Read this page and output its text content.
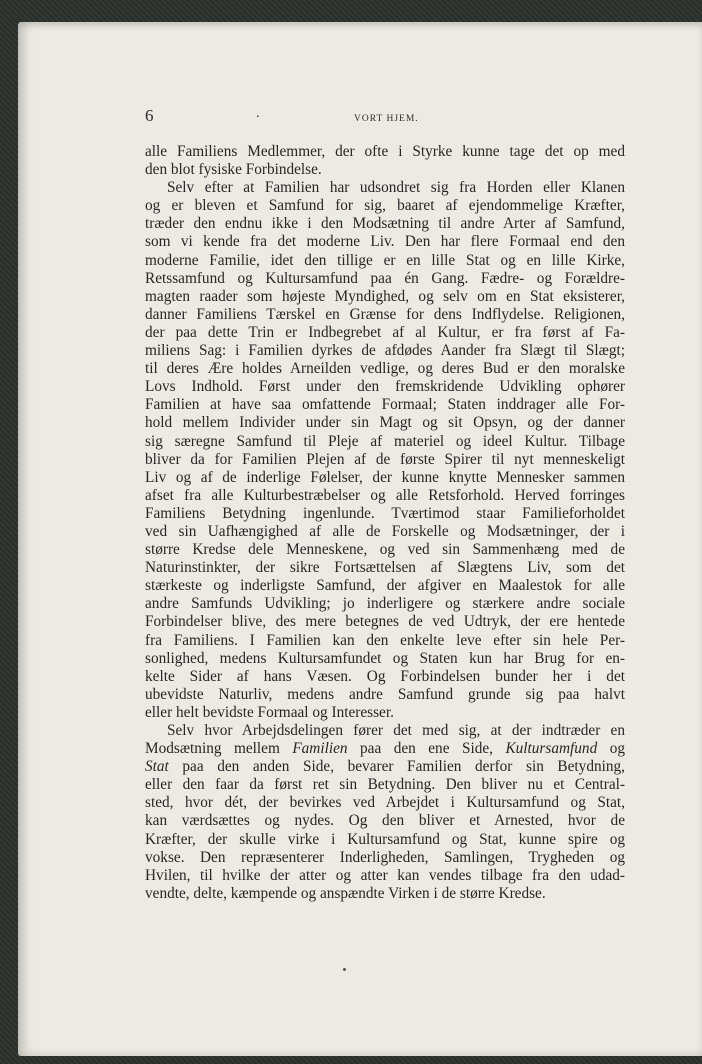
6	.	VORT HJEM.
alle Familiens Medlemmer, der ofte i Styrke kunne tage det op med
den blot fysiske Forbindelse.
Selv efter at Familien har udsondret sig fra Horden eller Klanen
og er bleven et Samfund for sig, baaret af ejendommelige Kræfter,
træder den endnu ikke i den Modsætning til andre Arter af Samfund,
som vi kende fra det moderne Liv. Den har flere Formaal end den
moderne Familie, idet den tillige er en lille Stat og en lille Kirke,
Retssamfund og Kultursamfund paa én Gang. Fædre- og Forældre-
magten raader som højeste Myndighed, og selv om en Stat eksisterer,
danner Familiens Tærskel en Grænse for dens Indflydelse. Religionen,
der paa dette Trin er Indbegrebet af al Kultur, er fra først af Fa-
miliens Sag: i Familien dyrkes de afdødes Aander fra Slægt til Slægt;
til deres Ære holdes Arneilden vedlige, og deres Bud er den moralske
Lovs Indhold. Først under den fremskridende Udvikling ophører
Familien at have saa omfattende Formaal; Staten inddrager alle For-
hold mellem Individer under sin Magt og sit Opsyn, og der danner
sig særegne Samfund til Pleje af materiel og ideel Kultur. Tilbage
bliver da for Familien Plejen af de første Spirer til nyt menneskeligt
Liv og af de inderlige Følelser, der kunne knytte Mennesker sammen
afset fra alle Kulturbestræbelser og alle Retsforhold. Herved forringes
Familiens Betydning ingenlunde. Tværtimod staar Familieforholdet
ved sin Uafhængighed af alle de Forskelle og Modsætninger, der i
større Kredse dele Menneskene, og ved sin Sammenhæng med de
Naturinstinkter, der sikre Fortsættelsen af Slægtens Liv, som det
stærkeste og inderligste Samfund, der afgiver en Maalestok for alle
andre Samfunds Udvikling; jo inderligere og stærkere andre sociale
Forbindelser blive, des mere betegnes de ved Udtryk, der ere hentede
fra Familiens. I Familien kan den enkelte leve efter sin hele Per-
sonlighed, medens Kultursamfundet og Staten kun har Brug for en-
kelte Sider af hans Væsen. Og Forbindelsen bunder her i det
ubevidste Naturliv, medens andre Samfund grunde sig paa halvt
eller helt bevidste Formaal og Interesser.
Selv hvor Arbejdsdelingen fører det med sig, at der indtræder en
Modsætning mellem Familien paa den ene Side, Kultursamfund og
Stat paa den anden Side, bevarer Familien derfor sin Betydning,
eller den faar da først ret sin Betydning. Den bliver nu et Central-
sted, hvor dét, der bevirkes ved Arbejdet i Kultursamfund og Stat,
kan værdsættes og nydes. Og den bliver et Arnested, hvor de
Kræfter, der skulle virke i Kultursamfund og Stat, kunne spire og
vokse. Den repræsenterer Inderligheden, Samlingen, Trygheden og
Hvilen, til hvilke der atter og atter kan vendes tilbage fra den udad-
vendte, delte, kæmpende og anspændte Virken i de større Kredse.
